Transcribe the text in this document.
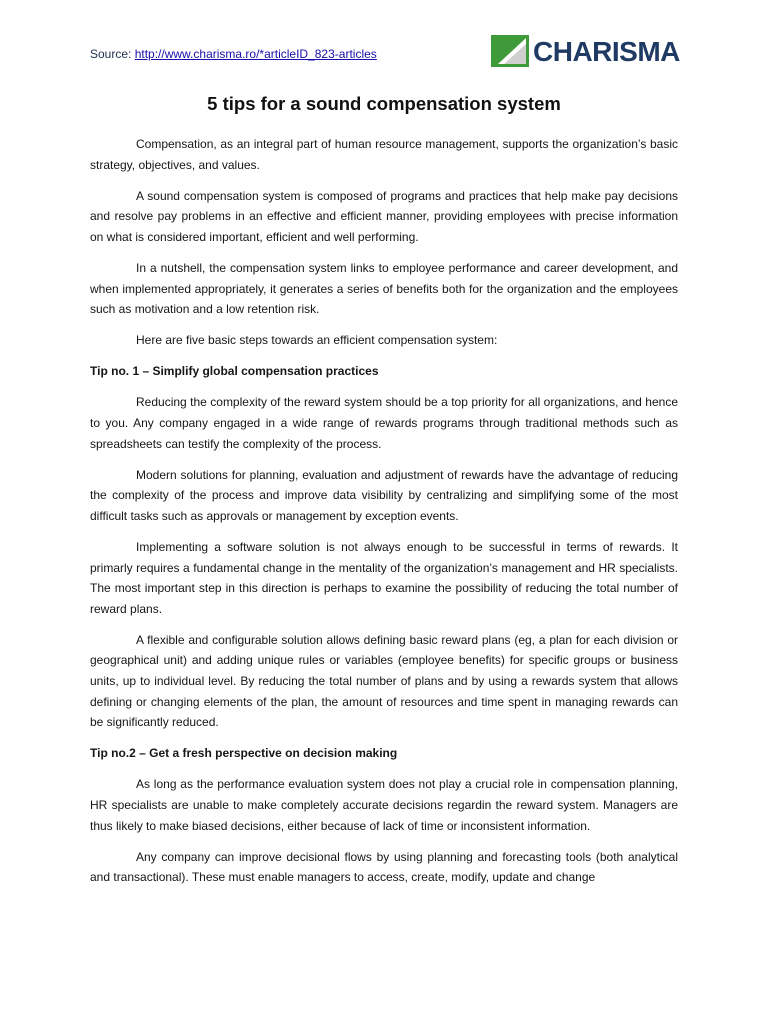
Source: http://www.charisma.ro/*articleID_823-articles	CHARISMA
5 tips for a sound compensation system

Compensation, as an integral part of human resource management, supports the organization’s basic strategy, objectives, and values.

A sound compensation system is composed of programs and practices that help make pay decisions and resolve pay problems in an effective and efficient manner, providing employees with precise information on what is considered important, efficient and well performing.

In a nutshell, the compensation system links to employee performance and career development, and when implemented appropriately, it generates a series of benefits both for the organization and the employees such as motivation and a low retention risk.

Here are five basic steps towards an efficient compensation system:

Tip no. 1 – Simplify global compensation practices

Reducing the complexity of the reward system should be a top priority for all organizations, and hence to you. Any company engaged in a wide range of rewards programs through traditional methods such as spreadsheets can testify the complexity of the process.

Modern solutions for planning, evaluation and adjustment of rewards have the advantage of reducing the complexity of the process and improve data visibility by centralizing and simplifying some of the most difficult tasks such as approvals or management by exception events.

Implementing a software solution is not always enough to be successful in terms of rewards. It primarly requires a fundamental change in the mentality of the organization’s management and HR specialists. The most important step in this direction is perhaps to examine the possibility of reducing the total number of reward plans.

A flexible and configurable solution allows defining basic reward plans (eg, a plan for each division or geographical unit) and adding unique rules or variables (employee benefits) for specific groups or business units, up to individual level. By reducing the total number of plans and by using a rewards system that allows defining or changing elements of the plan, the amount of resources and time spent in managing rewards can be significantly reduced.

Tip no.2 – Get a fresh perspective on decision making

As long as the performance evaluation system does not play a crucial role in compensation planning, HR specialists are unable to make completely accurate decisions regardin the reward system. Managers are thus likely to make biased decisions, either because of lack of time or inconsistent information.

Any company can improve decisional flows by using planning and forecasting tools (both analytical and transactional). These must enable managers to access, create, modify, update and change
